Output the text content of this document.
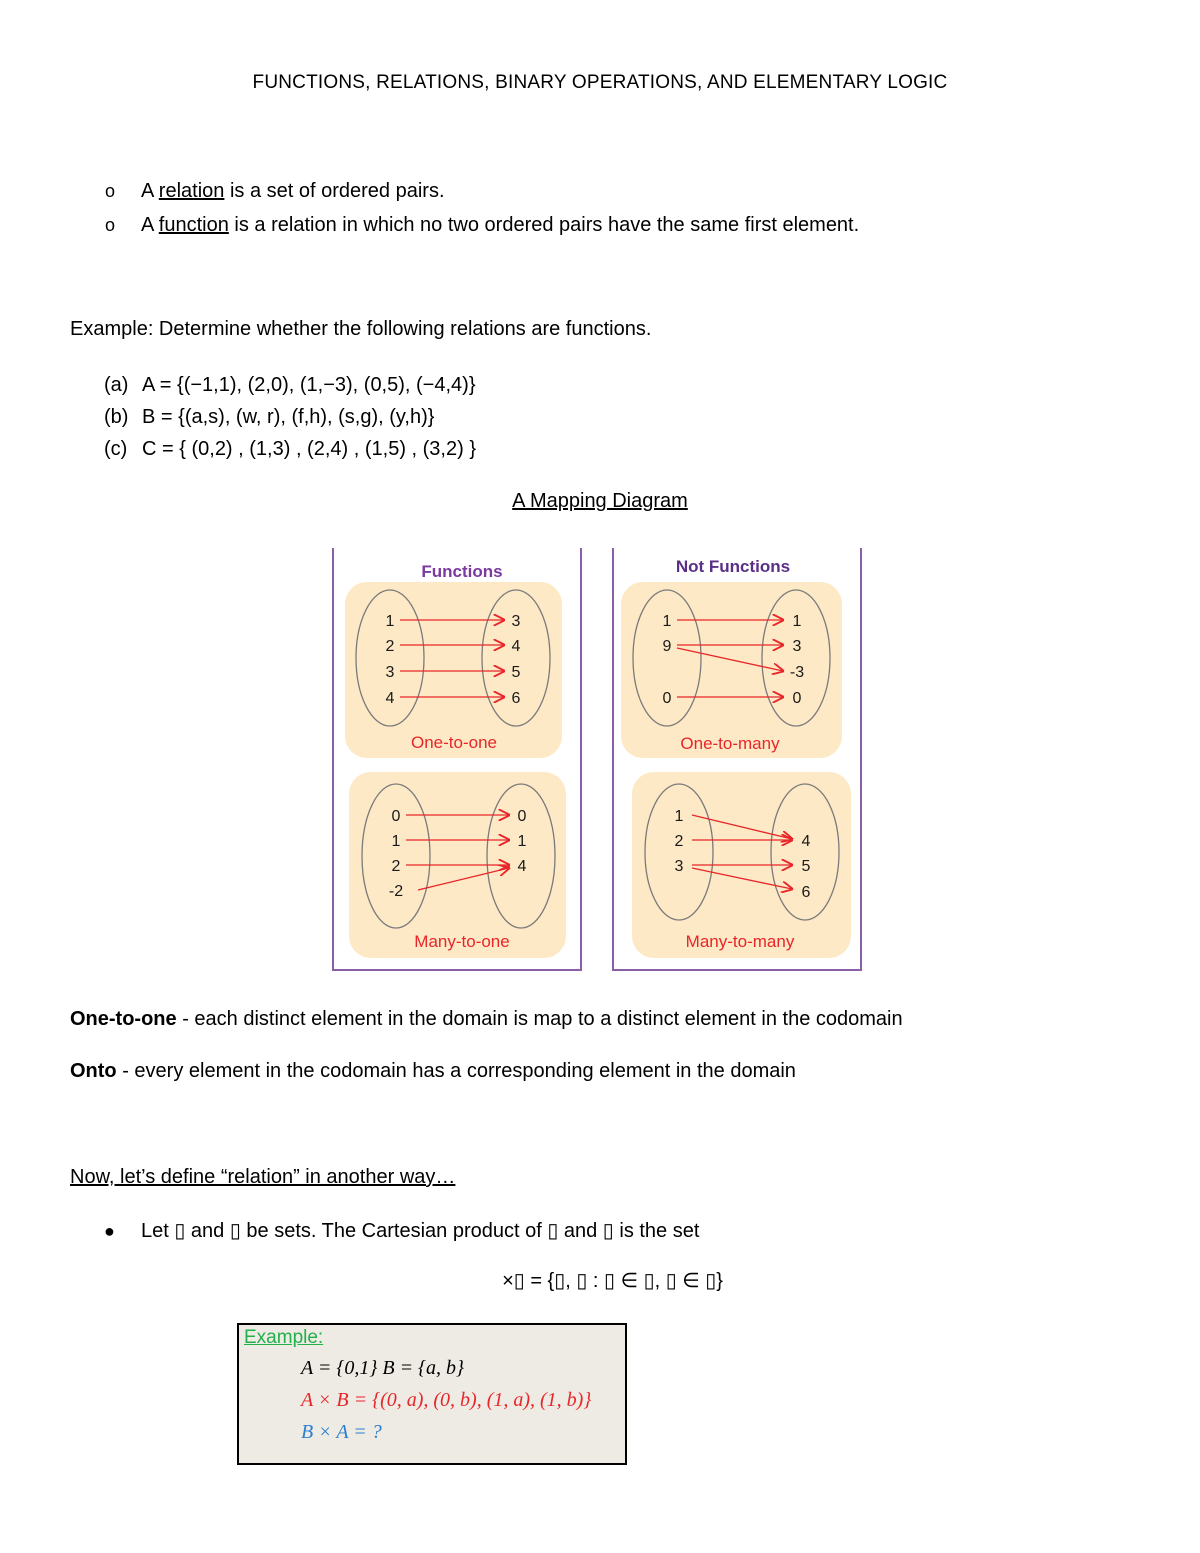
FUNCTIONS, RELATIONS, BINARY OPERATIONS, AND ELEMENTARY LOGIC
o A relation is a set of ordered pairs.
o A function is a relation in which no two ordered pairs have the same first element.
Example: Determine whether the following relations are functions.
(a) A = {(−1,1), (2,0), (1,−3), (0,5), (−4,4)}
(b) B = {(a,s), (w, r), (f,h), (s,g), (y,h)}
(c) C = { (0,2) , (1,3) , (2,4) , (1,5) , (3,2) }
A Mapping Diagram
Functions	Not Functions
1
2
3
4
3
4
5
6
1
9
0
1
3
-3
0
0
1
2
-2
0
1
4
1
2
3
4
5
6
One-to-one	One-to-many
Many-to-one	Many-to-many
One-to-one - each distinct element in the domain is map to a distinct element in the codomain
Onto - every element in the codomain has a corresponding element in the domain
Now, let’s define “relation” in another way…
● Let ▯ and ▯ be sets. The Cartesian product of ▯ and ▯ is the set
×▯ = {▯, ▯ : ▯ ∈ ▯, ▯ ∈ ▯}
Example:
A = {0,1} B = {a, b}
A × B = {(0, a), (0, b), (1, a), (1, b)}
B × A = ?
